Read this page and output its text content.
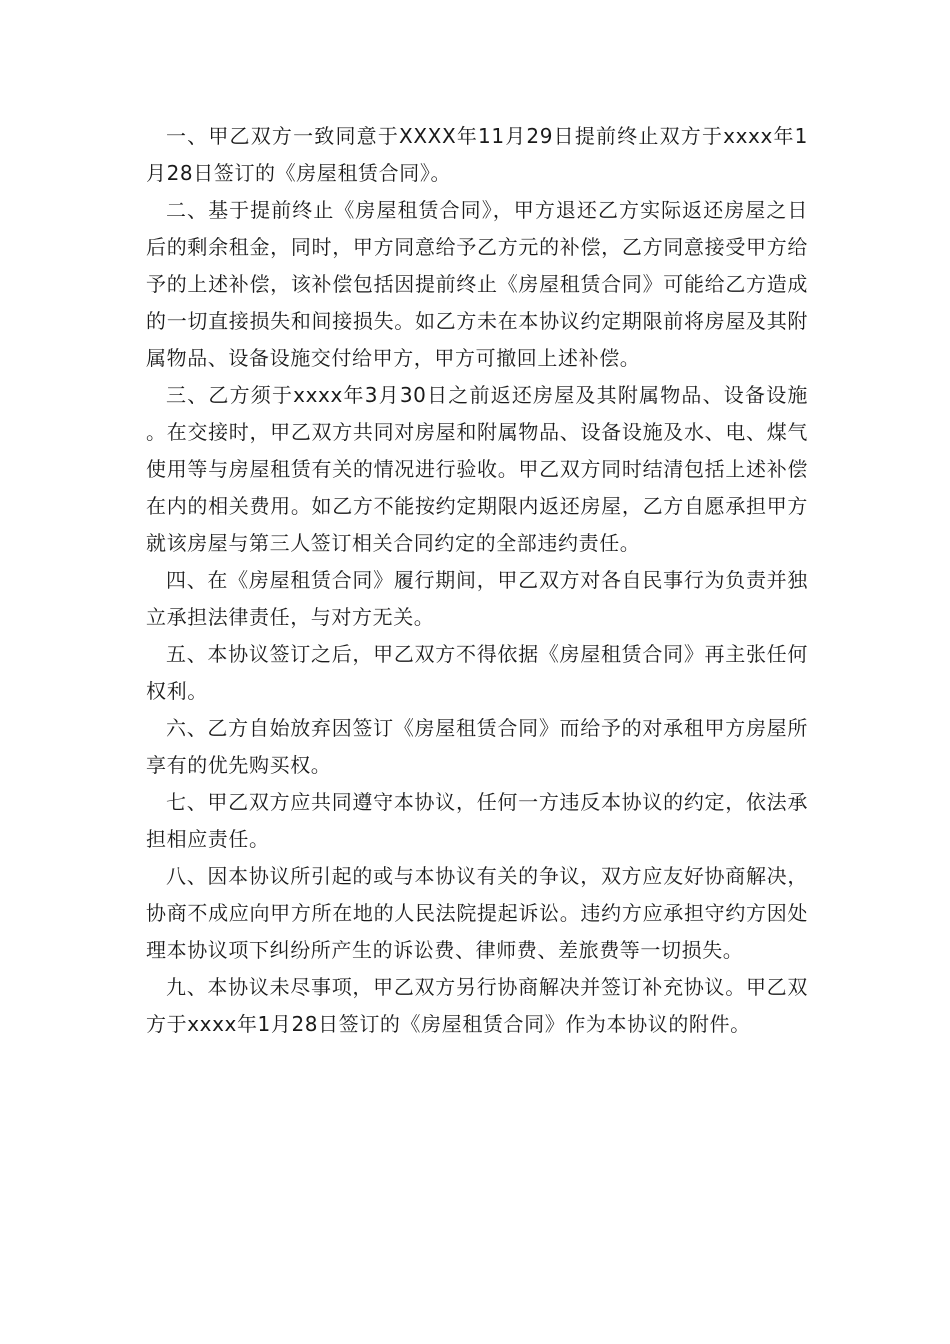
一、甲乙双方一致同意于XXXX年11月29日提前终止双方于xxxx年1月28日签订的《房屋租赁合同》。

二、基于提前终止《房屋租赁合同》，甲方退还乙方实际返还房屋之日后的剩余租金，同时，甲方同意给予乙方元的补偿，乙方同意接受甲方给予的上述补偿，该补偿包括因提前终止《房屋租赁合同》可能给乙方造成的一切直接损失和间接损失。如乙方未在本协议约定期限前将房屋及其附属物品、设备设施交付给甲方，甲方可撤回上述补偿。

三、乙方须于xxxx年3月30日之前返还房屋及其附属物品、设备设施。在交接时，甲乙双方共同对房屋和附属物品、设备设施及水、电、煤气使用等与房屋租赁有关的情况进行验收。甲乙双方同时结清包括上述补偿在内的相关费用。如乙方不能按约定期限内返还房屋，乙方自愿承担甲方就该房屋与第三人签订相关合同约定的全部违约责任。

四、在《房屋租赁合同》履行期间，甲乙双方对各自民事行为负责并独立承担法律责任，与对方无关。

五、本协议签订之后，甲乙双方不得依据《房屋租赁合同》再主张任何权利。

六、乙方自始放弃因签订《房屋租赁合同》而给予的对承租甲方房屋所享有的优先购买权。

七、甲乙双方应共同遵守本协议，任何一方违反本协议的约定，依法承担相应责任。

八、因本协议所引起的或与本协议有关的争议，双方应友好协商解决，协商不成应向甲方所在地的人民法院提起诉讼。违约方应承担守约方因处理本协议项下纠纷所产生的诉讼费、律师费、差旅费等一切损失。

九、本协议未尽事项，甲乙双方另行协商解决并签订补充协议。甲乙双方于xxxx年1月28日签订的《房屋租赁合同》作为本协议的附件。
